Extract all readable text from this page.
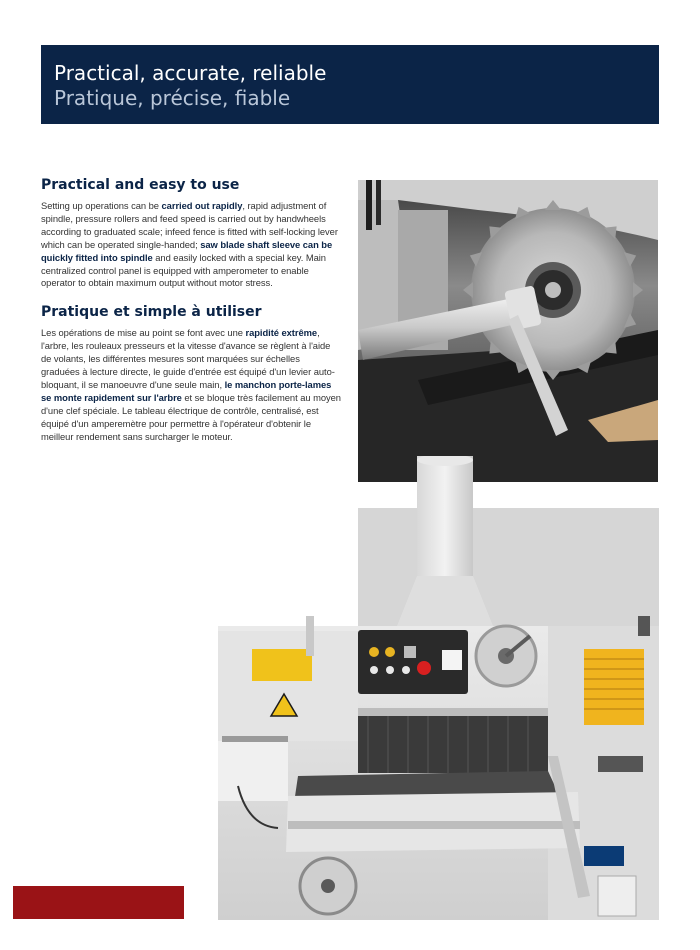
Practical, accurate, reliable
Pratique, précise, fiable
Practical and easy to use

Setting up operations can be carried out rapidly, rapid adjustment of spindle, pressure rollers and feed speed is carried out by handwheels according to graduated scale; infeed fence is fitted with self-locking lever which can be operated single-handed; saw blade shaft sleeve can be quickly fitted into spindle and easily locked with a special key. Main centralized control panel is equipped with amperometer to enable operator to obtain maximum output without motor stress.

Pratique et simple à utiliser

Les opérations de mise au point se font avec une rapidité extrême, l'arbre, les rouleaux presseurs et la vitesse d'avance se règlent à l'aide de volants, les différentes mesures sont marquées sur échelles graduées à lecture directe, le guide d'entrée est équipé d'un levier auto-bloquant, il se manoeuvre d'une seule main, le manchon porte-lames se monte rapidement sur l'arbre et se bloque très facilement au moyen d'une clef spéciale. Le tableau électrique de contrôle, centralisé, est équipé d'un amperemètre pour permettre à l'opérateur d'obtenir le meilleur rendement sans surcharger le moteur.
